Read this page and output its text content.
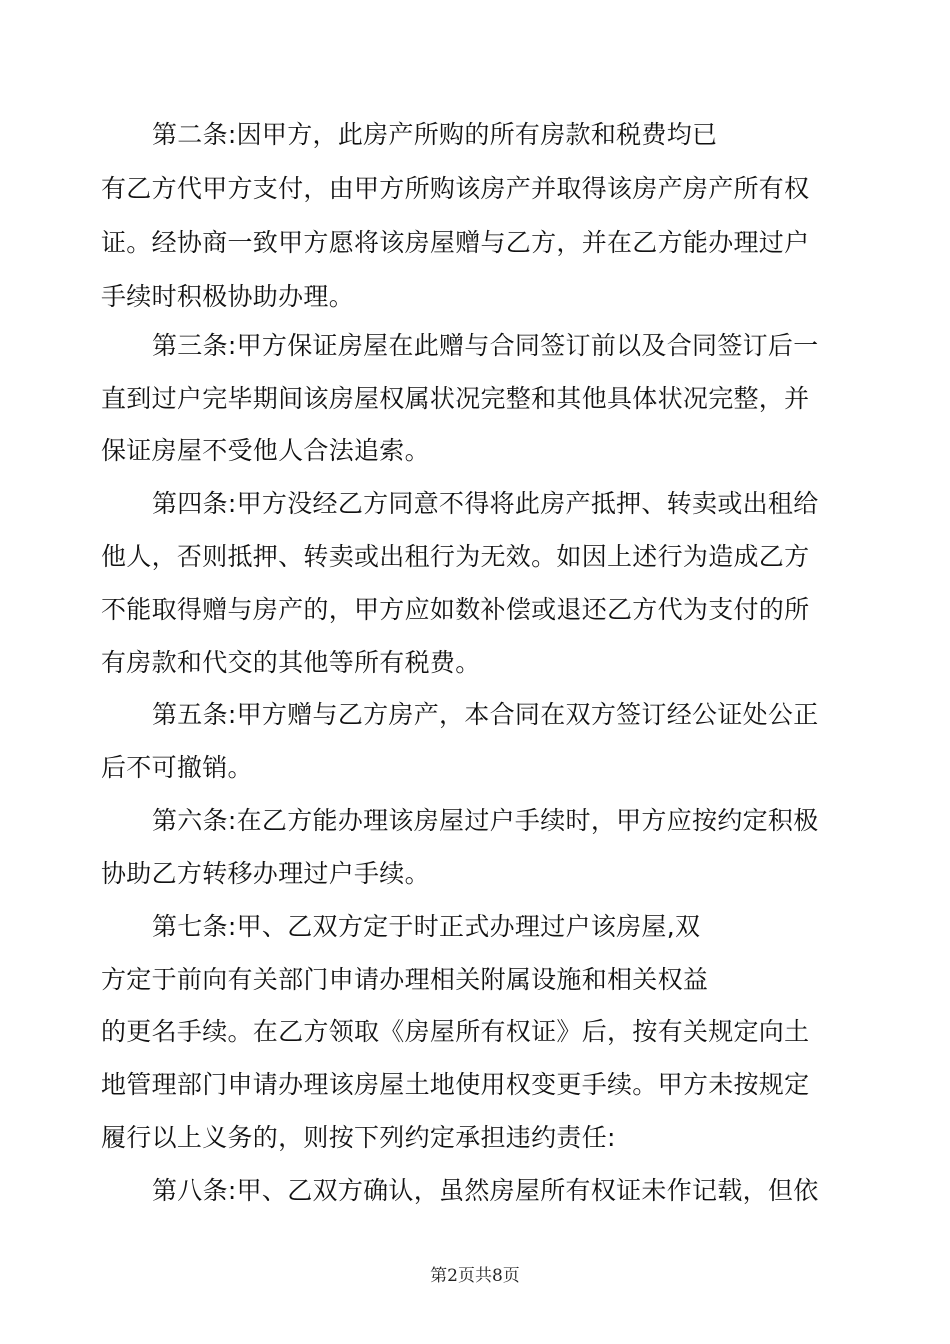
第二条:因甲方，此房产所购的所有房款和税费均已
有乙方代甲方支付，由甲方所购该房产并取得该房产房产所有权
证。经协商一致甲方愿将该房屋赠与乙方，并在乙方能办理过户
手续时积极协助办理。
第三条:甲方保证房屋在此赠与合同签订前以及合同签订后一
直到过户完毕期间该房屋权属状况完整和其他具体状况完整，并
保证房屋不受他人合法追索。
第四条:甲方没经乙方同意不得将此房产抵押、转卖或出租给
他人，否则抵押、转卖或出租行为无效。如因上述行为造成乙方
不能取得赠与房产的，甲方应如数补偿或退还乙方代为支付的所
有房款和代交的其他等所有税费。
第五条:甲方赠与乙方房产，本合同在双方签订经公证处公正
后不可撤销。
第六条:在乙方能办理该房屋过户手续时，甲方应按约定积极
协助乙方转移办理过户手续。
第七条:甲、乙双方定于时正式办理过户该房屋,双
方定于前向有关部门申请办理相关附属设施和相关权益
的更名手续。在乙方领取《房屋所有权证》后，按有关规定向土
地管理部门申请办理该房屋土地使用权变更手续。甲方未按规定
履行以上义务的，则按下列约定承担违约责任:
第八条:甲、乙双方确认，虽然房屋所有权证未作记载，但依
第2页共8页
